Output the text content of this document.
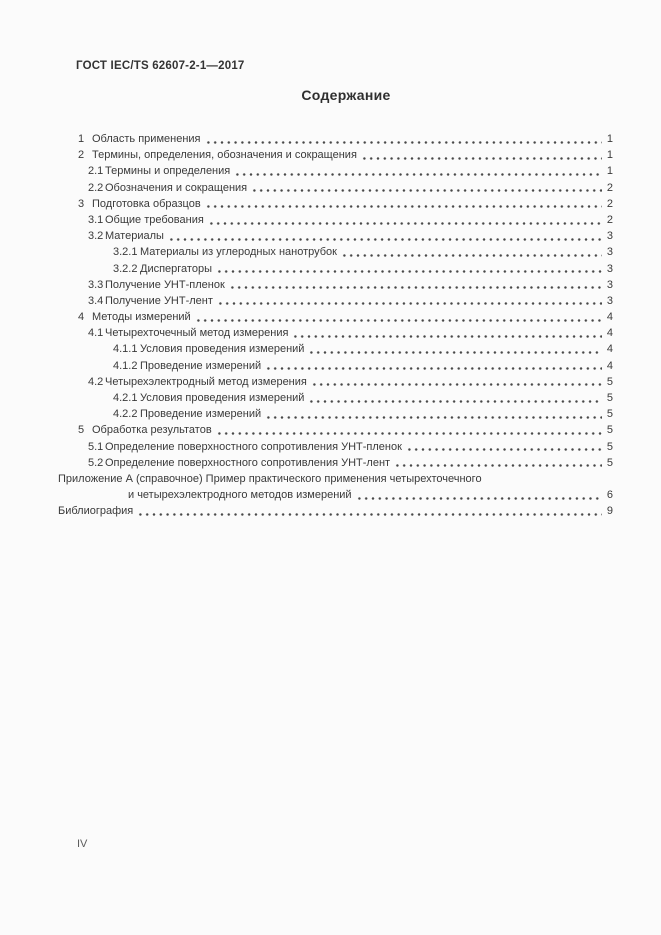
ГОСТ IEC/TS 62607-2-1—2017
Содержание
1 Область применения	1
2 Термины, определения, обозначения и сокращения	1
2.1 Термины и определения	1
2.2 Обозначения и сокращения	2
3 Подготовка образцов	2
3.1 Общие требования	2
3.2 Материалы	3
3.2.1 Материалы из углеродных нанотрубок	3
3.2.2 Диспергаторы	3
3.3 Получение УНТ-пленок	3
3.4 Получение УНТ-лент	3
4 Методы измерений	4
4.1 Четырехточечный метод измерения	4
4.1.1 Условия проведения измерений	4
4.1.2 Проведение измерений	4
4.2 Четырехэлектродный метод измерения	5
4.2.1 Условия проведения измерений	5
4.2.2 Проведение измерений	5
5 Обработка результатов	5
5.1 Определение поверхностного сопротивления УНТ-пленок	5
5.2 Определение поверхностного сопротивления УНТ-лент	5
Приложение А (справочное) Пример практического применения четырехточечного
и четырехэлектродного методов измерений	6
Библиография	9
IV
